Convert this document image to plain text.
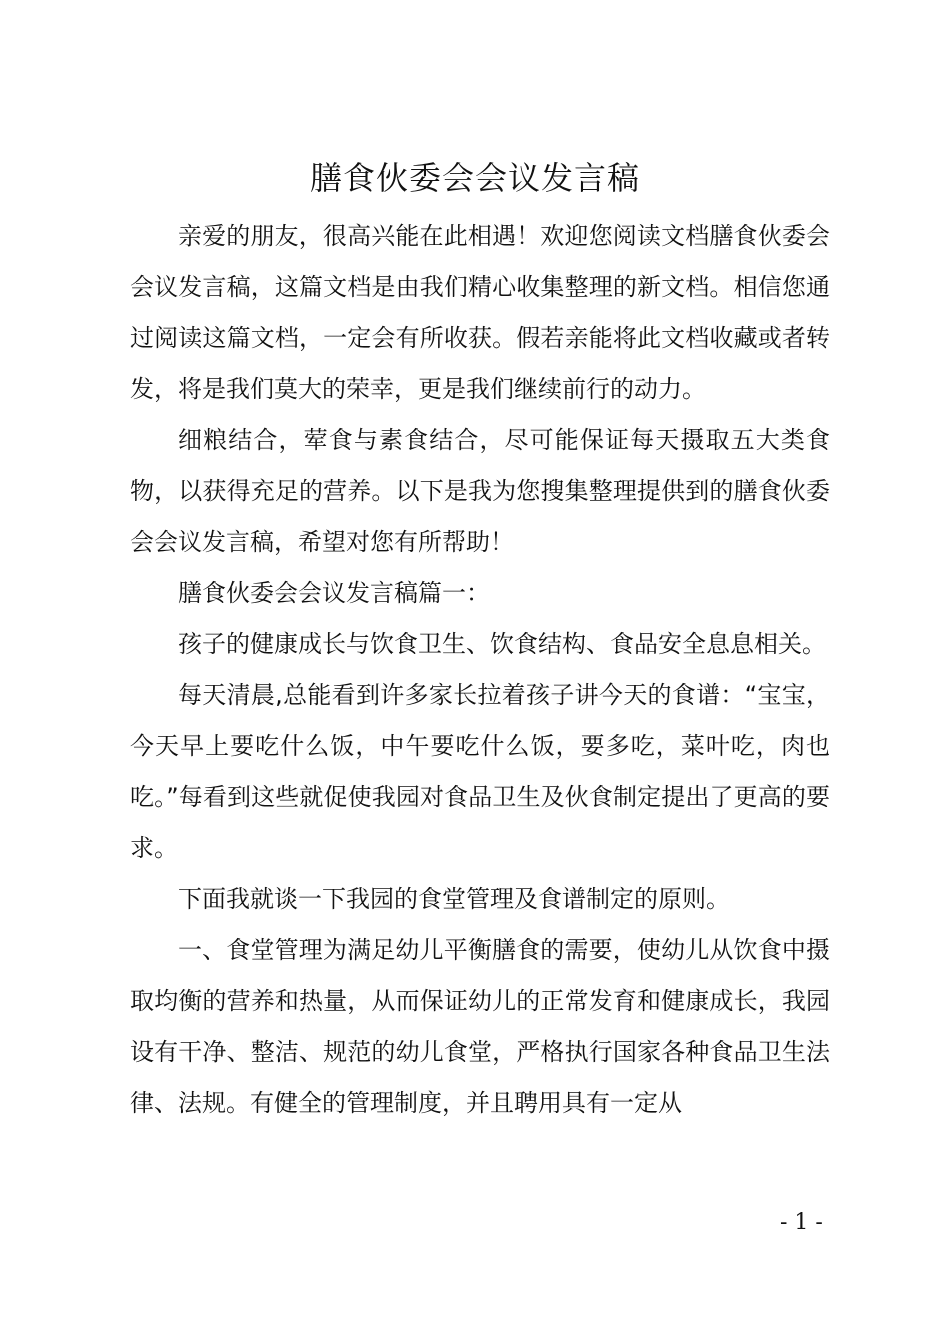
膳食伙委会会议发言稿

亲爱的朋友，很高兴能在此相遇！欢迎您阅读文档膳食伙委会会议发言稿，这篇文档是由我们精心收集整理的新文档。相信您通过阅读这篇文档，一定会有所收获。假若亲能将此文档收藏或者转发，将是我们莫大的荣幸，更是我们继续前行的动力。

细粮结合，荤食与素食结合，尽可能保证每天摄取五大类食物，以获得充足的营养。以下是我为您搜集整理提供到的膳食伙委会会议发言稿，希望对您有所帮助！

膳食伙委会会议发言稿篇一：

孩子的健康成长与饮食卫生、饮食结构、食品安全息息相关。

每天清晨,总能看到许多家长拉着孩子讲今天的食谱：“宝宝，今天早上要吃什么饭，中午要吃什么饭，要多吃，菜叶吃，肉也吃。”每看到这些就促使我园对食品卫生及伙食制定提出了更高的要求。

下面我就谈一下我园的食堂管理及食谱制定的原则。

一、食堂管理为满足幼儿平衡膳食的需要，使幼儿从饮食中摄取均衡的营养和热量，从而保证幼儿的正常发育和健康成长，我园设有干净、整洁、规范的幼儿食堂，严格执行国家各种食品卫生法律、法规。有健全的管理制度，并且聘用具有一定从

- 1 -
